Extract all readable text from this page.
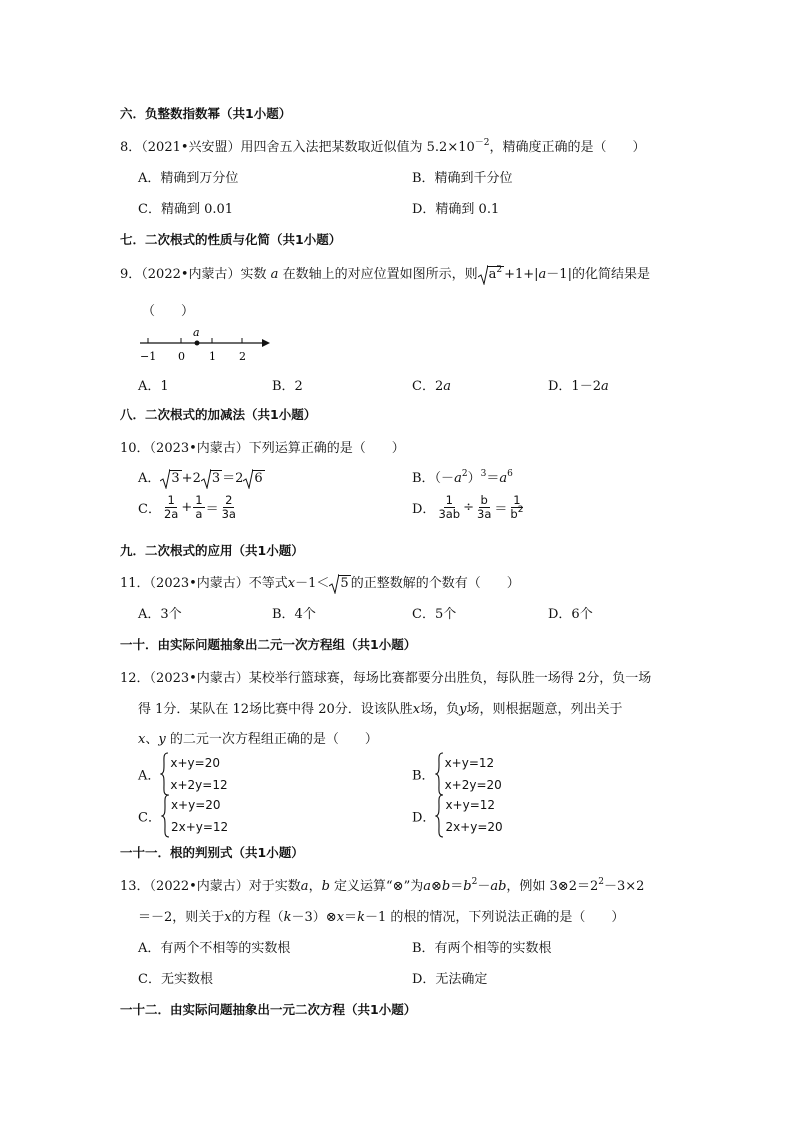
六．负整数指数幂（共1小题）
8．（2021•兴安盟）用四舍五入法把某数取近似值为 $5.2\times 10^{-2}$，精确度正确的是（　　）
A．精确到万分位	B．精确到千分位
C．精确到 0.01	D．精确到 0.1
七．二次根式的性质与化简（共1小题）
9．（2022•内蒙古）实数 a 在数轴上的对应位置如图所示，则 $a^2 +1+|a-1|$的化简结果是
（　　）
a
−1 0 1 2
A．1	B．2	C．2a	D．1－2a
八．二次根式的加减法（共1小题）
10．（2023•内蒙古）下列运算正确的是（　　）
A． 3 +2 3 ＝2 6	B．$(-a^2)^3=a^6$
C． $\frac{1}{2a} + \frac{1}{a} = \frac{2}{3a}$	D． $\frac{1}{3ab} \div \frac{b}{3a} = \frac{1}{b^2}$
九．二次根式的应用（共1小题）
11．（2023•内蒙古）不等式x－1＜ 5 的正整数解的个数有（　　）
A．3个	B．4个	C．5个	D．6个
一十．由实际问题抽象出二元一次方程组（共1小题）
12．（2023•内蒙古）某校举行篮球赛，每场比赛都要分出胜负，每队胜一场得 2分，负一场
得 1分．某队在 12场比赛中得 20分．设该队胜x场，负y场，则根据题意，列出关于
x、y 的二元一次方程组正确的是（　　）
A．
x+y=20
x+2y=12
B．
x+y=12
x+2y=20
C．
x+y=20
2x+y=12
D．
x+y=12
2x+y=20
一十一．根的判别式（共1小题）
13．（2022•内蒙古）对于实数a，b 定义运算“⊗”为$a\otimes b=b^2-ab$，例如 $3\otimes 2=2^2-3\times 2$
＝－2，则关于x的方程（k－3）⊗x＝k－1 的根的情况，下列说法正确的是（　　）
A．有两个不相等的实数根	B．有两个相等的实数根
C．无实数根	D．无法确定
一十二．由实际问题抽象出一元二次方程（共1小题）
